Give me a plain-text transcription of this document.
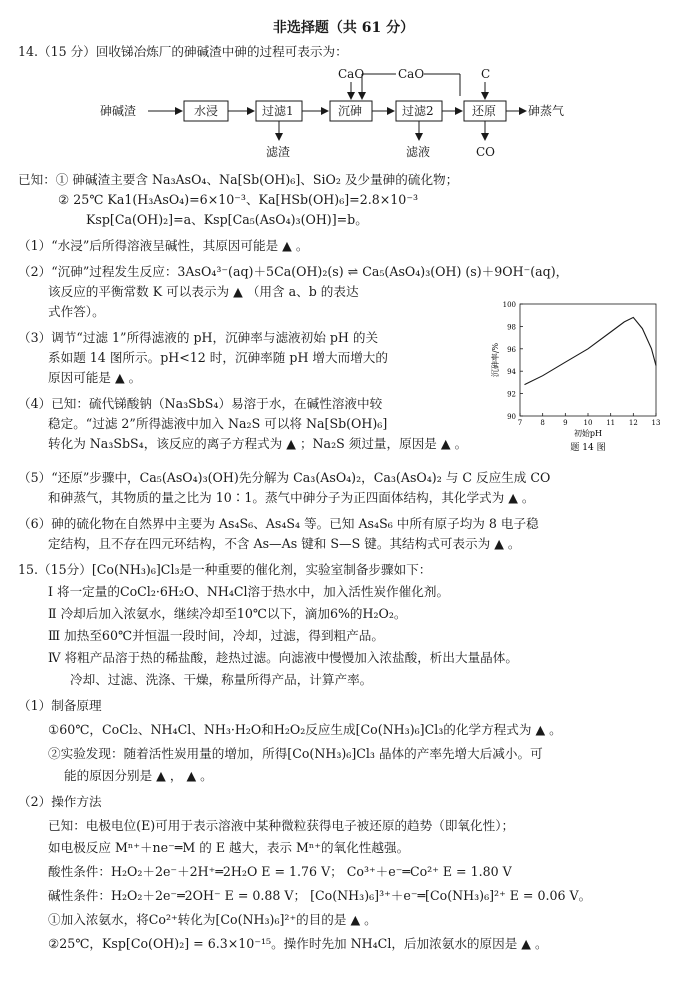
非选择题（共 61 分）
14.（15 分）回收锑冶炼厂的砷碱渣中砷的过程可表示为：
砷碱渣	水浸	过滤1	沉砷	过滤2	还原	砷蒸气
CaO	CaO	C
滤渣	滤液	CO
已知：① 砷碱渣主要含 Na₃AsO₄、Na[Sb(OH)₆]、SiO₂ 及少量砷的硫化物；
② 25℃ Ka1(H₃AsO₄)=6×10⁻³、Ka[HSb(OH)₆]=2.8×10⁻³
Ksp[Ca(OH)₂]=a、Ksp[Ca₅(AsO₄)₃(OH)]=b。
（1）“水浸”后所得溶液呈碱性，其原因可能是 ▲ 。
（2）“沉砷”过程发生反应：3AsO₄³⁻(aq)＋5Ca(OH)₂(s) ⇌ Ca₅(AsO₄)₃(OH) (s)＋9OH⁻(aq)，
该反应的平衡常数 K 可以表示为 ▲ （用含 a、b 的表达
式作答）。
（3）调节“过滤 1”所得滤液的 pH，沉砷率与滤液初始 pH 的关
系如题 14 图所示。pH<12 时，沉砷率随 pH 增大而增大的
原因可能是 ▲ 。
（4）已知：硫代锑酸钠（Na₃SbS₄）易溶于水，在碱性溶液中较
稳定。“过滤 2”所得滤液中加入 Na₂S 可以将 Na[Sb(OH)₆]
转化为 Na₃SbS₄，该反应的离子方程式为 ▲ ；Na₂S 须过量，原因是 ▲ 。
90
92
94
96
98
100
7	8	9 10 11 12 13
初始pH
沉砷率/%
题 14 图
（5）“还原”步骤中，Ca₅(AsO₄)₃(OH)先分解为 Ca₃(AsO₄)₂，Ca₃(AsO₄)₂ 与 C 反应生成 CO
和砷蒸气，其物质的量之比为 10∶1。蒸气中砷分子为正四面体结构，其化学式为 ▲ 。
（6）砷的硫化物在自然界中主要为 As₄S₆、As₄S₄ 等。已知 As₄S₆ 中所有原子均为 8 电子稳
定结构，且不存在四元环结构，不含 As—As 键和 S—S 键。其结构式可表示为 ▲ 。
15.（15分）[Co(NH₃)₆]Cl₃是一种重要的催化剂，实验室制备步骤如下：
Ⅰ 将一定量的CoCl₂·6H₂O、NH₄Cl溶于热水中，加入活性炭作催化剂。
Ⅱ 冷却后加入浓氨水，继续冷却至10℃以下，滴加6%的H₂O₂。
Ⅲ 加热至60℃并恒温一段时间，冷却，过滤，得到粗产品。
Ⅳ 将粗产品溶于热的稀盐酸，趁热过滤。向滤液中慢慢加入浓盐酸，析出大量晶体。
冷却、过滤、洗涤、干燥，称量所得产品，计算产率。
（1）制备原理
①60℃，CoCl₂、NH₄Cl、NH₃·H₂O和H₂O₂反应生成[Co(NH₃)₆]Cl₃的化学方程式为 ▲ 。
②实验发现：随着活性炭用量的增加，所得[Co(NH₃)₆]Cl₃ 晶体的产率先增大后减小。可
能的原因分别是 ▲ ， ▲ 。
（2）操作方法
已知：电极电位(E)可用于表示溶液中某种微粒获得电子被还原的趋势（即氧化性）；
如电极反应 Mⁿ⁺＋ne⁻═M 的 E 越大，表示 Mⁿ⁺的氧化性越强。
酸性条件：H₂O₂＋2e⁻＋2H⁺═2H₂O E = 1.76 V； Co³⁺＋e⁻═Co²⁺ E = 1.80 V
碱性条件：H₂O₂＋2e⁻═2OH⁻ E = 0.88 V； [Co(NH₃)₆]³⁺＋e⁻═[Co(NH₃)₆]²⁺ E = 0.06 V。
①加入浓氨水，将Co²⁺转化为[Co(NH₃)₆]²⁺的目的是 ▲ 。
②25℃，Ksp[Co(OH)₂] = 6.3×10⁻¹⁵。操作时先加 NH₄Cl，后加浓氨水的原因是 ▲ 。
